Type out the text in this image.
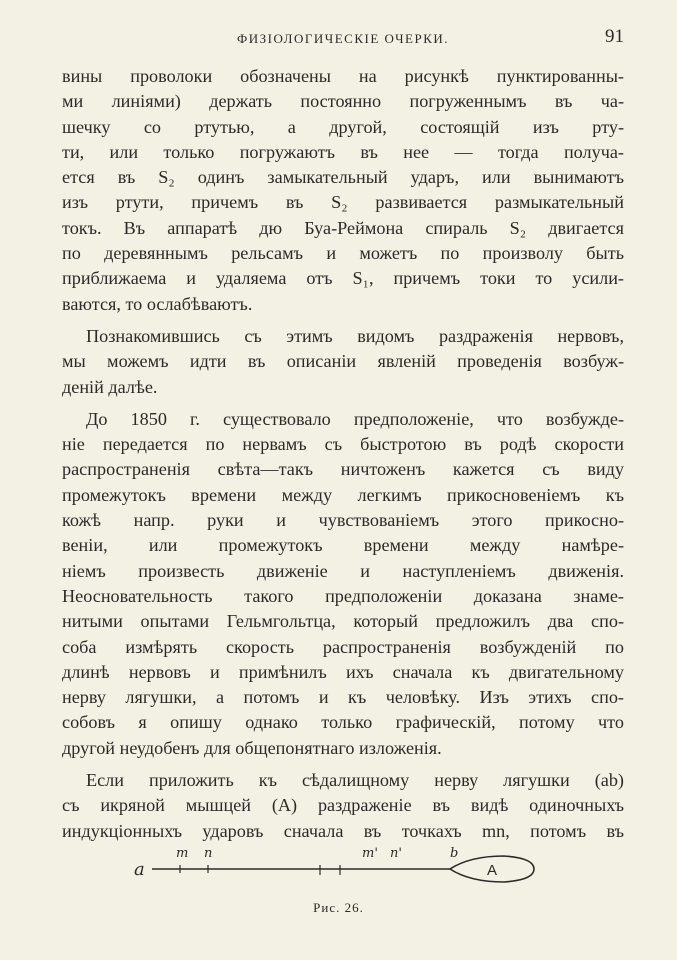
ФИЗІОЛОГИЧЕСКІЕ ОЧЕРКИ.	91
вины проволоки обозначены на рисункѣ пунктированны-
ми линіями) держать постоянно погруженнымъ въ ча-
шечку со ртутью, а другой, состоящій изъ рту-
ти, или только погружаютъ въ нее — тогда получа-
ется въ S₂ одинъ замыкательный ударъ, или вынимаютъ
изъ ртути, причемъ въ S₂ развивается размыкательный
токъ. Въ аппаратѣ дю Буа-Реймона спираль S₂ двигается
по деревяннымъ рельсамъ и можетъ по произволу быть
приближаема и удаляема отъ S₁, причемъ токи то усили-
ваются, то ослабѣваютъ.
Познакомившись съ этимъ видомъ раздраженія нервовъ,
мы можемъ идти въ описаніи явленій проведенія возбуж-
деній далѣе.
До 1850 г. существовало предположеніе, что возбужде-
ніе передается по нервамъ съ быстротою въ родѣ скорости
распространенія свѣта—такъ ничтоженъ кажется съ виду
промежутокъ времени между легкимъ прикосновеніемъ къ
кожѣ напр. руки и чувствованіемъ этого прикосно-
веніи, или промежутокъ времени между намѣре-
ніемъ произвесть движеніе и наступленіемъ движенія.
Неосновательность такого предположеніи доказана знаме-
нитыми опытами Гельмгольтца, который предложилъ два спо-
соба измѣрять скорость распространенія возбужденій по
длинѣ нервовъ и примѣнилъ ихъ сначала къ двигательному
нерву лягушки, а потомъ и къ человѣку. Изъ этихъ спо-
собовъ я опишу однако только графическій, потому что
другой неудобенъ для общепонятнаго изложенія.
Если приложить къ сѣдалищному нерву лягушки (ab)
съ икряной мышцей (A) раздраженіе въ видѣ одиночныхъ
индукціонныхъ ударовъ сначала въ точкахъ mn, потомъ въ
a
m n	m' n'	b
A
Рис. 26.
